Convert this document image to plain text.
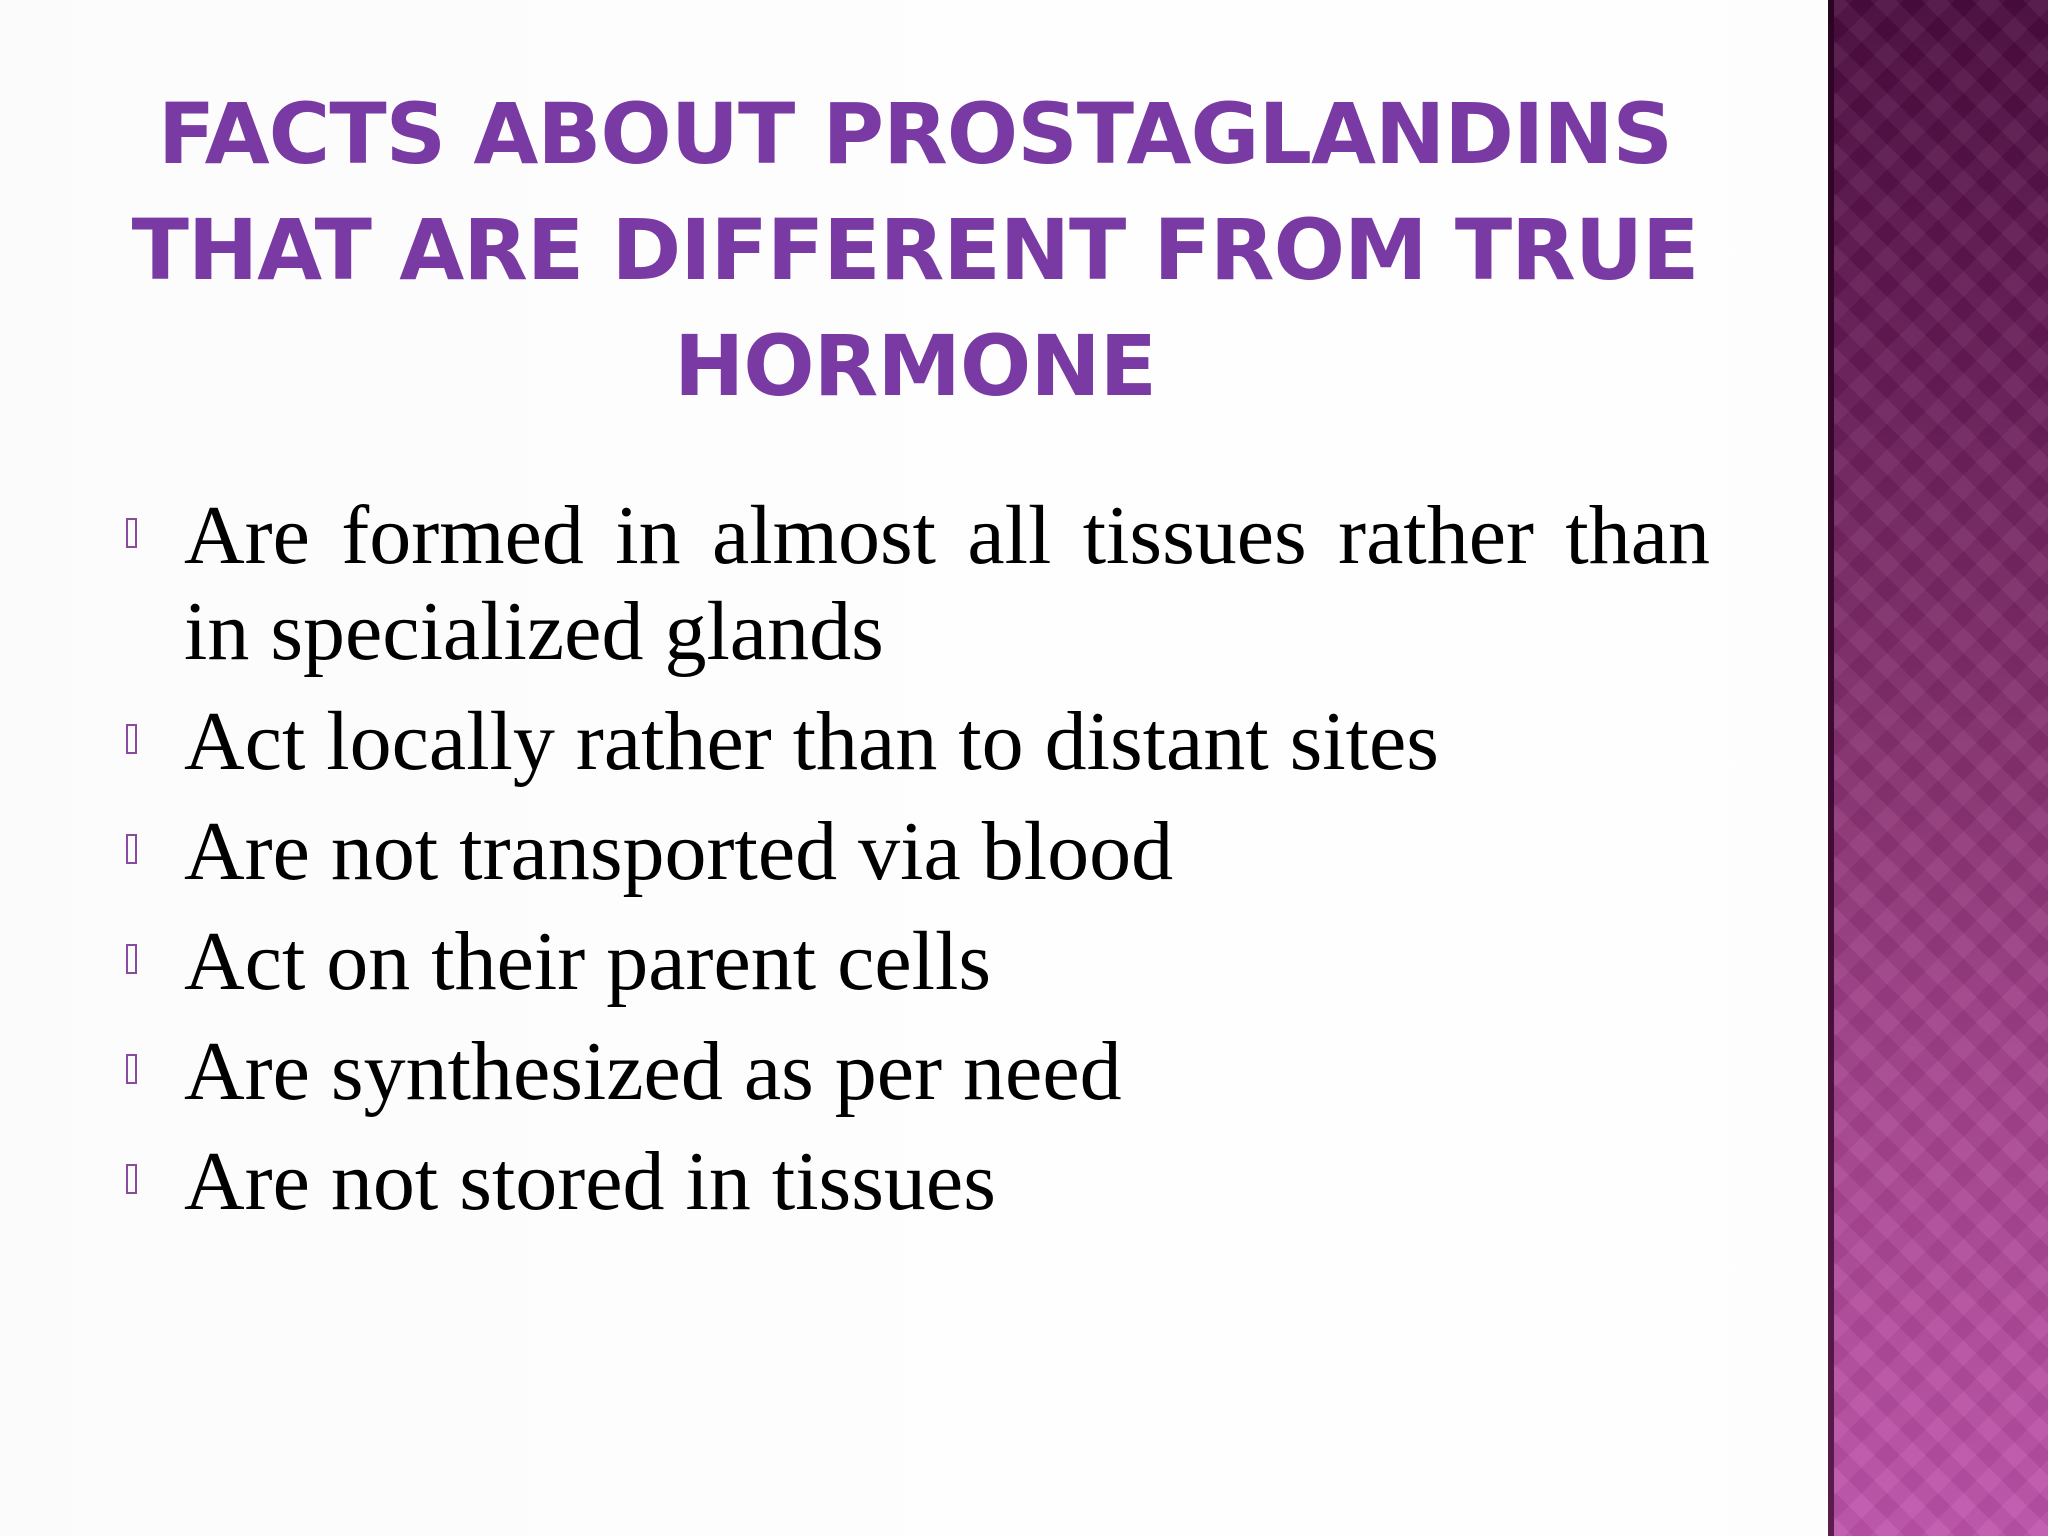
FACTS ABOUT PROSTAGLANDINS THAT ARE DIFFERENT FROM TRUE HORMONE
Are formed in almost all tissues rather than in specialized glands
Act locally rather than to distant sites
Are not transported via blood
Act on their parent cells
Are synthesized as per need
Are not stored in tissues
